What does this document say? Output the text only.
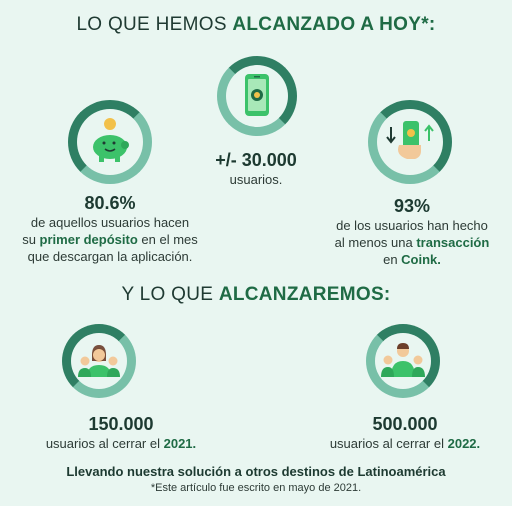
LO QUE HEMOS ALCANZADO A HOY*:
+/- 30.000
usuarios.
80.6%
de aquellos usuarios hacen
su primer depósito en el mes
que descargan la aplicación.
93%
de los usuarios han hecho
al menos una transacción
en Coink.
Y LO QUE ALCANZAREMOS:
150.000
usuarios al cerrar el 2021.
500.000
usuarios al cerrar el 2022.
Llevando nuestra solución a otros destinos de Latinoamérica
*Este artículo fue escrito en mayo de 2021.
